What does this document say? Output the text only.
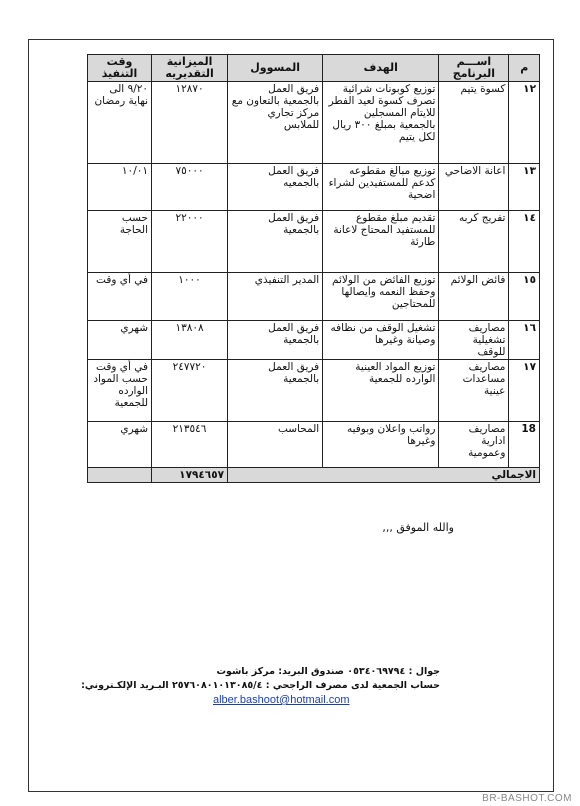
م	اســـم البرنامج	الهدف	المسوول	الميزانية التقديريه	وقت التنفيذ
١٢	كسوة يتيم	توزيع كوبونات شرائية تصرف كسوة لعيد الفطر للايتام المسجلين بالجمعية بمبلغ ٣٠٠ ريال لكل يتيم	فريق العمل بالجمعية بالتعاون مع مركز تجاري للملابس	١٢٨٧٠	٩/٢٠ الى نهاية رمضان
١٣	اعانة الاضاحي	توزيع مبالغ مقطوعه كدعم للمستفيدين لشراء اضحية	فريق العمل بالجمعيه	٧٥٠٠٠	١٠/٠١
١٤	تفريج كربه	تقديم مبلغ مقطوع للمستفيد المحتاج لاعانة طارئة	فريق العمل بالجمعية	٢٢٠٠٠	حسب الحاجة
١٥	فائض الولائم	توزيع الفائض من الولائم وحفظ النعمه وايصالها للمحتاجين	المدير التنفيذي	١٠٠٠	في أي وقت
١٦	مصاريف تشغيلية للوقف	تشغيل الوقف من نظافه وصيانة وغيرها	فريق العمل بالجمعية	١٣٨٠٨	شهري
١٧	مصاريف مساعدات عينية	توزيع المواد العينية الوارده للجمعية	فريق العمل بالجمعية	٢٤٧٧٢٠	في أي وقت حسب المواد الوارده للجمعية
18	مصاريف ادارية وعمومية	رواتب واعلان وبوفيه وغيرها	المحاسب	٢١٣٥٤٦	شهري
الاجمالي				١٧٩٤٦٥٧	
والله الموفق ,,,
جوال : ٠٥٣٤٠٦٩٧٩٤ صندوق البريد: مركز باشوت
حساب الجمعية لدى مصرف الراجحي : ٢٥٧٦٠٨٠١٠١٣٠٨٥/٤ البـريد الإلكـتروني:
alber.bashoot@hotmail.com
BR-BASHOT.COM
